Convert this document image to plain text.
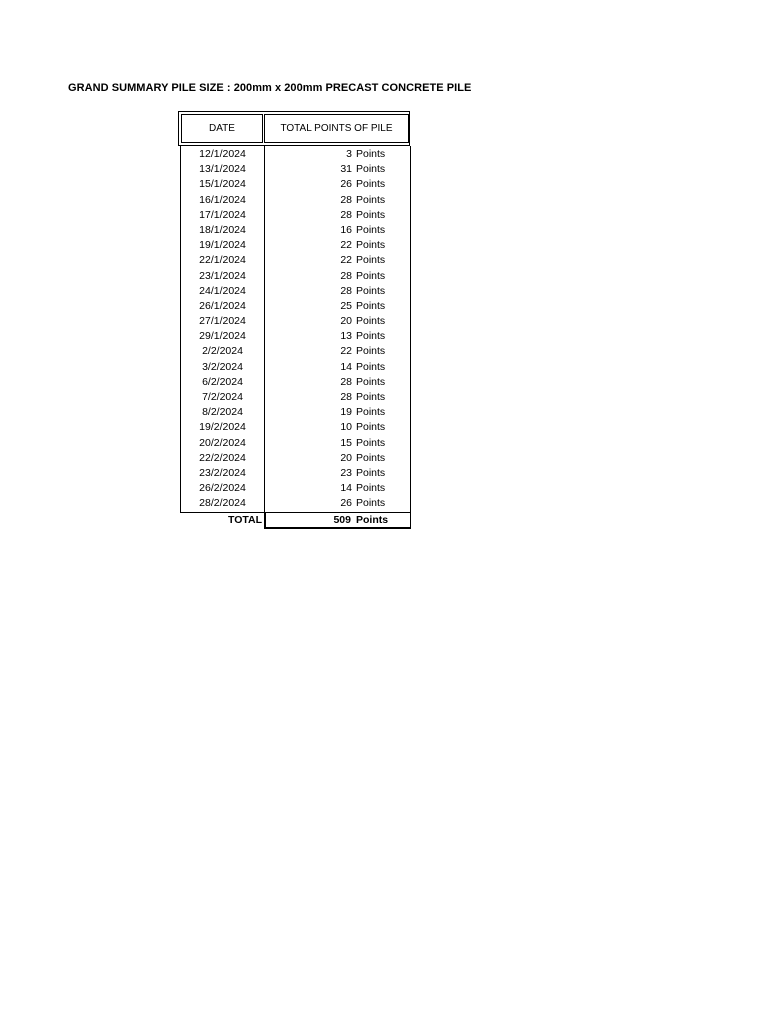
GRAND SUMMARY PILE SIZE : 200mm x 200mm PRECAST CONCRETE PILE
DATE	TOTAL POINTS OF PILE
12/1/2024	3 Points
13/1/2024	31 Points
15/1/2024	26 Points
16/1/2024	28 Points
17/1/2024	28 Points
18/1/2024	16 Points
19/1/2024	22 Points
22/1/2024	22 Points
23/1/2024	28 Points
24/1/2024	28 Points
26/1/2024	25 Points
27/1/2024	20 Points
29/1/2024	13 Points
2/2/2024	22 Points
3/2/2024	14 Points
6/2/2024	28 Points
7/2/2024	28 Points
8/2/2024	19 Points
19/2/2024	10 Points
20/2/2024	15 Points
22/2/2024	20 Points
23/2/2024	23 Points
26/2/2024	14 Points
28/2/2024	26 Points
TOTAL	509 Points
